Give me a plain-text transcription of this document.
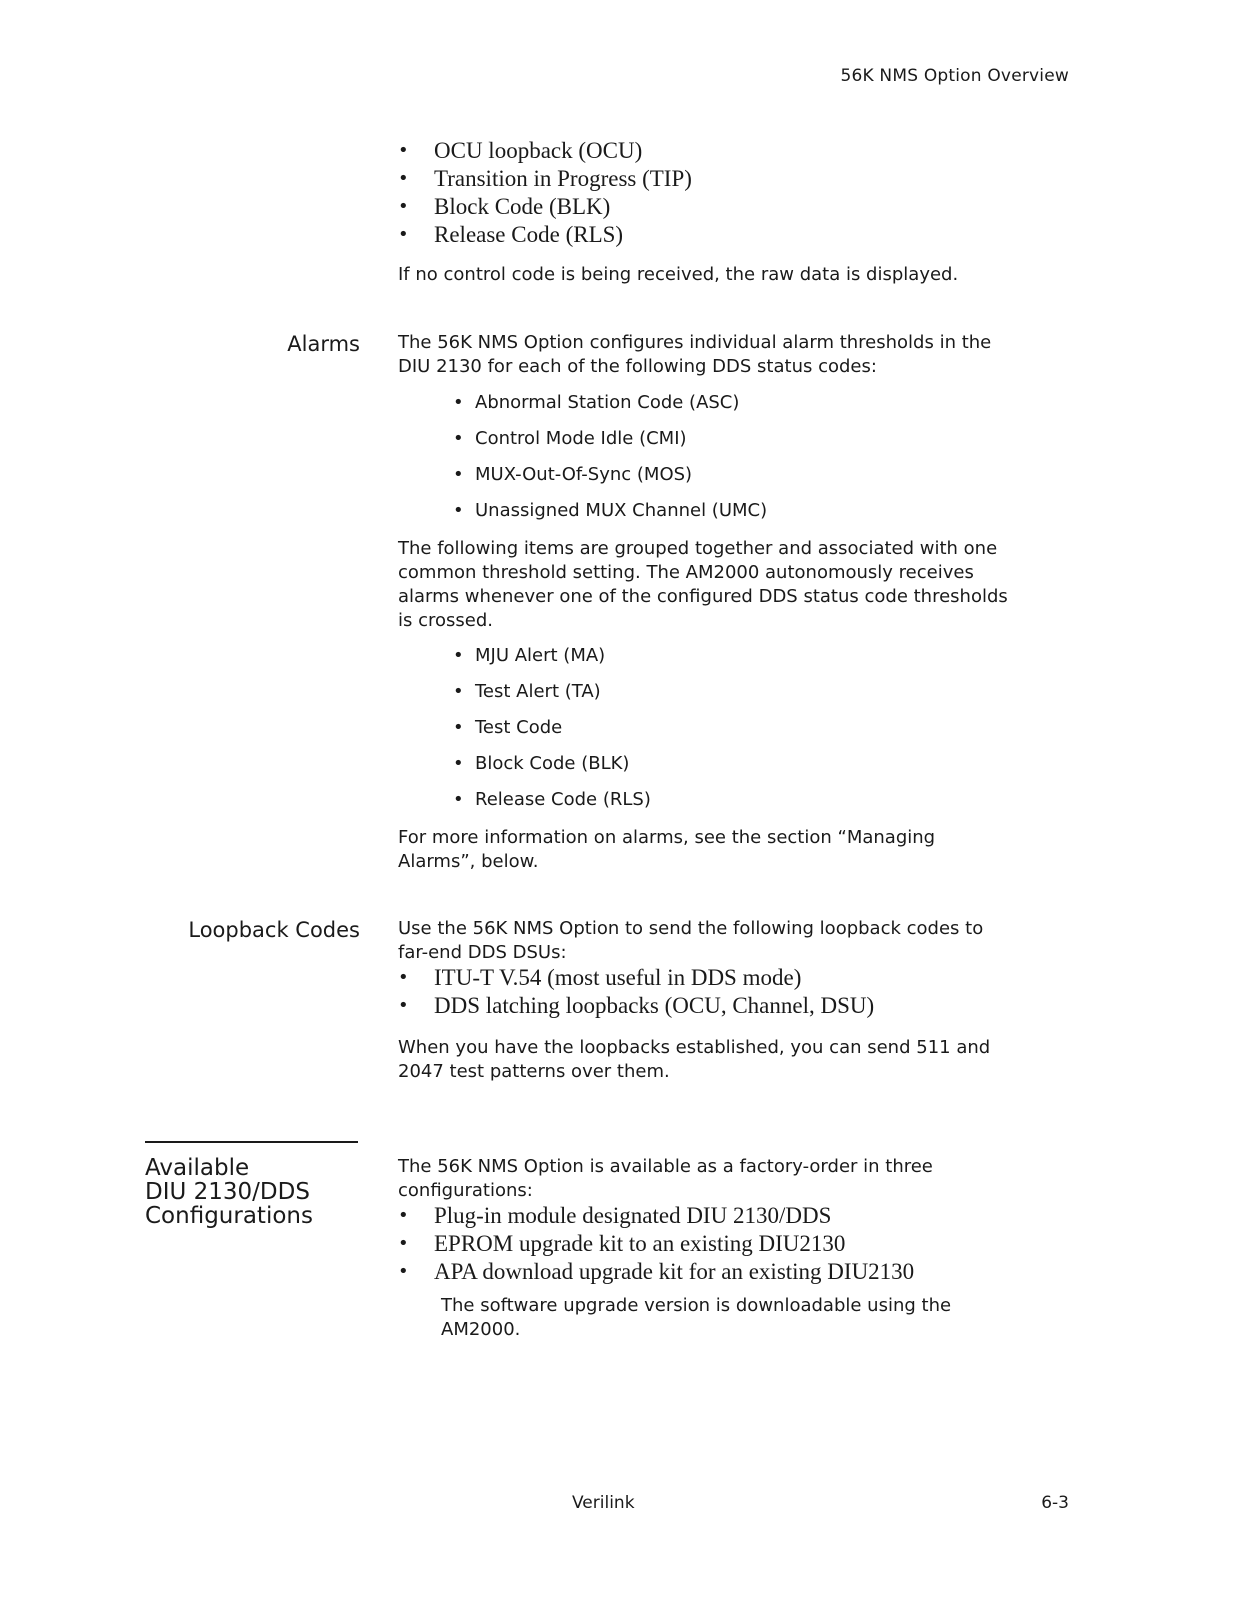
56K NMS Option Overview
• OCU loopback (OCU)
• Transition in Progress (TIP)
• Block Code (BLK)
• Release Code (RLS)

If no control code is being received, the raw data is displayed.

Alarms The 56K NMS Option configures individual alarm thresholds in the
DIU 2130 for each of the following DDS status codes:
• Abnormal Station Code (ASC)
• Control Mode Idle (CMI)
• MUX-Out-Of-Sync (MOS)
• Unassigned MUX Channel (UMC)
The following items are grouped together and associated with one
common threshold setting. The AM2000 autonomously receives
alarms whenever one of the configured DDS status code thresholds
is crossed.
• MJU Alert (MA)
• Test Alert (TA)
• Test Code
• Block Code (BLK)
• Release Code (RLS)
For more information on alarms, see the section “Managing
Alarms”, below.
Loopback Codes Use the 56K NMS Option to send the following loopback codes to
far-end DDS DSUs:
• ITU-T V.54 (most useful in DDS mode)
• DDS latching loopbacks (OCU, Channel, DSU)
When you have the loopbacks established, you can send 511 and
2047 test patterns over them.
Available
DIU 2130/DDS
Configurations
The 56K NMS Option is available as a factory-order in three
configurations:
• Plug-in module designated DIU 2130/DDS
• EPROM upgrade kit to an existing DIU2130
• APA download upgrade kit for an existing DIU2130
The software upgrade version is downloadable using the
AM2000.
Verilink	6-3
